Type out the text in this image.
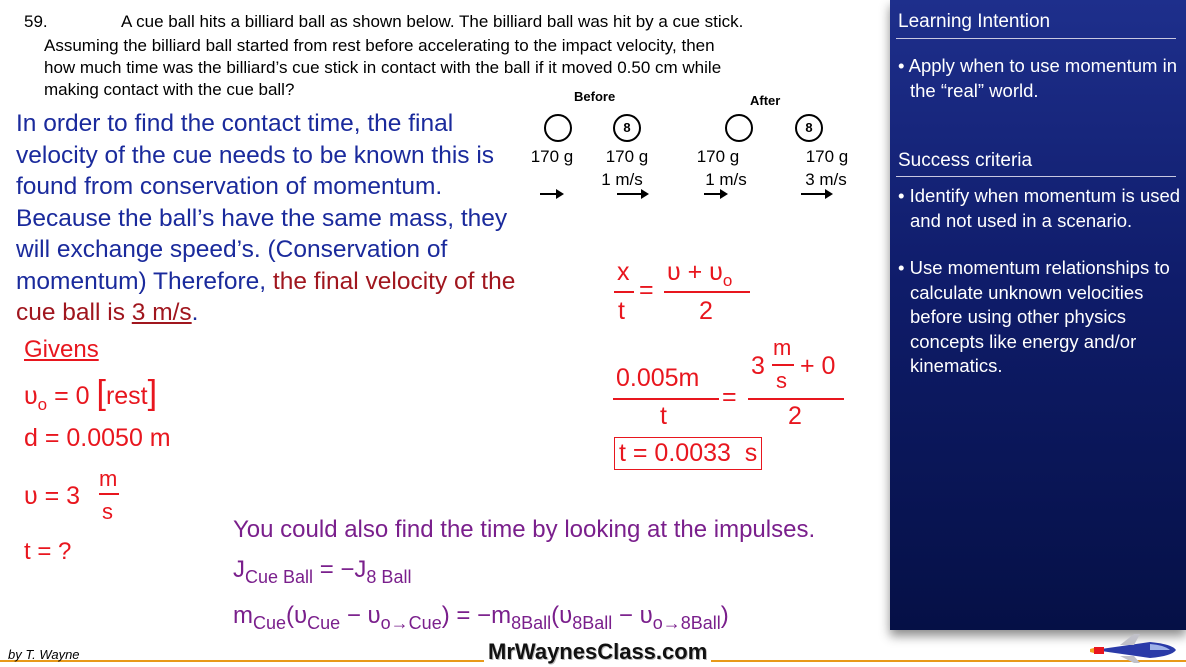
59.	A cue ball hits a billiard ball as shown below. The billiard ball was hit by a cue stick.
Assuming the billiard ball started from rest before accelerating to the impact velocity, then
how much time was the billiard’s cue stick in contact with the ball if it moved 0.50 cm while
making contact with the cue ball?	Before	After
8	8
170 g	170 g
1 m/s
170 g
1 m/s
170 g
3 m/s
In order to find the contact time, the final velocity of the cue needs to be known this is found from conservation of momentum. Because the ball’s have the same mass, they will exchange speed’s. (Conservation of momentum) Therefore, the final velocity of the cue ball is 3 m/s.
Givens
$\upsilon_o = 0$ [rest]
d = 0.0050 m
υ = 3
m
s
t = ?
x
t
=
$\upsilon + \upsilon_o$
2
0.005m
t
=
3
m
s
+ 0
2
t = 0.0033  s
You could also find the time by looking at the impulses.
$J_{Cue Ball} = -J_{8 Ball}$
$m_{Cue}(\upsilon_{Cue} - \upsilon_{o\to Cue}) = -m_{8Ball}(\upsilon_{8Ball} - \upsilon_{o\to 8Ball})$
Learning Intention
• Apply when to use momentum in the “real” world.
Success criteria
• Identify when momentum is used and not used in a scenario.
• Use momentum relationships to calculate unknown velocities before using other physics concepts like energy and/or kinematics.
by T. Wayne	MrWaynesClass.com
